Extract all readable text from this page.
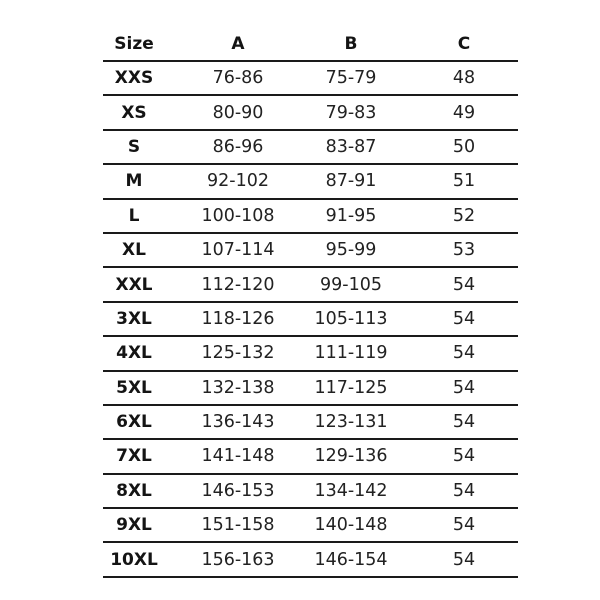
Size	A	B	C
XXS	76-86	75-79	48
XS	80-90	79-83	49
S	86-96	83-87	50
M	92-102	87-91	51
L	100-108	91-95	52
XL	107-114	95-99	53
XXL	112-120	99-105	54
3XL	118-126	105-113	54
4XL	125-132	111-119	54
5XL	132-138	117-125	54
6XL	136-143	123-131	54
7XL	141-148	129-136	54
8XL	146-153	134-142	54
9XL	151-158	140-148	54
10XL	156-163	146-154	54
